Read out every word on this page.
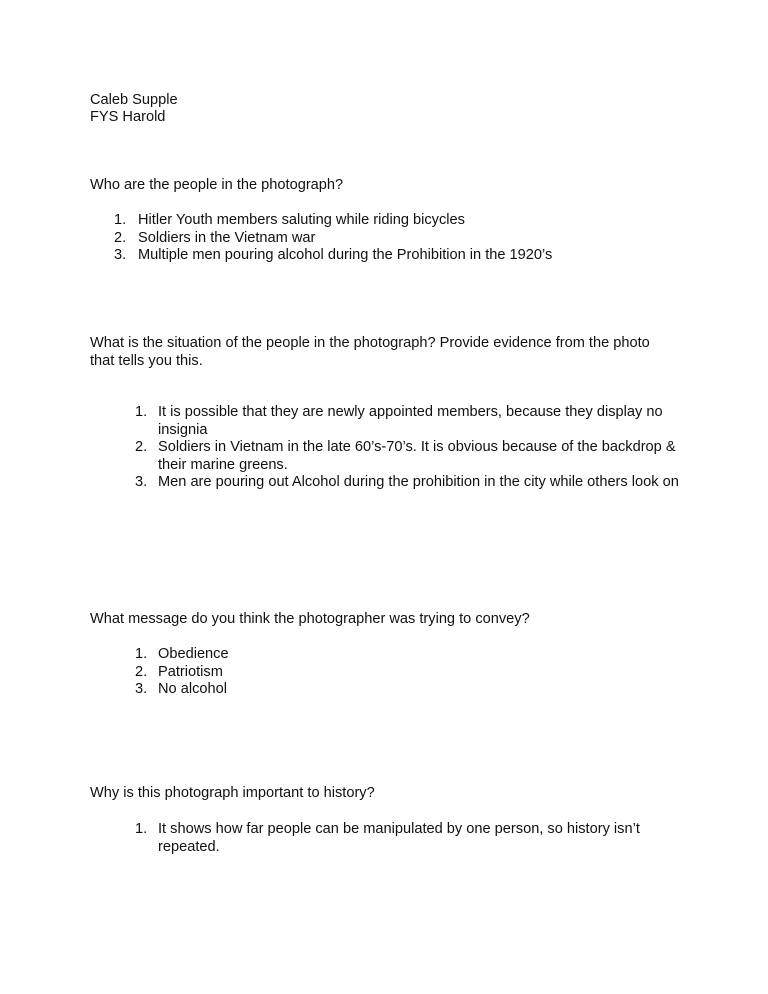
Caleb Supple
FYS Harold
Who are the people in the photograph?
1. Hitler Youth members saluting while riding bicycles
2. Soldiers in the Vietnam war
3. Multiple men pouring alcohol during the Prohibition in the 1920’s
What is the situation of the people in the photograph? Provide evidence from the photo
that tells you this.
1. It is possible that they are newly appointed members, because they display no insignia
2. Soldiers in Vietnam in the late 60’s-70’s. It is obvious because of the backdrop & their marine greens.
3. Men are pouring out Alcohol during the prohibition in the city while others look on
What message do you think the photographer was trying to convey?
1. Obedience
2. Patriotism
3. No alcohol
Why is this photograph important to history?
1. It shows how far people can be manipulated by one person, so history isn’t repeated.
